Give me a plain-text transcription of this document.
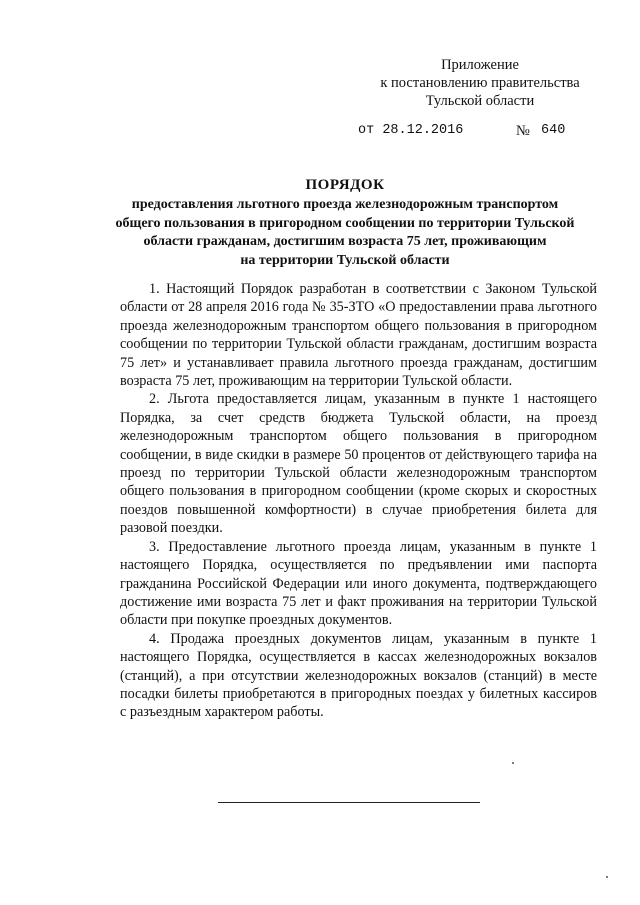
Приложение
к постановлению правительства
Тульской области
от 28.12.2016	№ 640
ПОРЯДОК
предоставления льготного проезда железнодорожным транспортом
общего пользования в пригородном сообщении по территории Тульской
области гражданам, достигшим возраста 75 лет, проживающим
на территории Тульской области

1. Настоящий Порядок разработан в соответствии с Законом Тульской области от 28 апреля 2016 года № 35-ЗТО «О предоставлении права льготного проезда железнодорожным транспортом общего пользования в пригородном сообщении по территории Тульской области гражданам, достигшим возраста 75 лет» и устанавливает правила льготного проезда гражданам, достигшим возраста 75 лет, проживающим на территории Тульской области.

2. Льгота предоставляется лицам, указанным в пункте 1 настоящего Порядка, за счет средств бюджета Тульской области, на проезд железнодорожным транспортом общего пользования в пригородном сообщении, в виде скидки в размере 50 процентов от действующего тарифа на проезд по территории Тульской области железнодорожным транспортом общего пользования в пригородном сообщении (кроме скорых и скоростных поездов повышенной комфортности) в случае приобретения билета для разовой поездки.

3. Предоставление льготного проезда лицам, указанным в пункте 1 настоящего Порядка, осуществляется по предъявлении ими паспорта гражданина Российской Федерации или иного документа, подтверждающего достижение ими возраста 75 лет и факт проживания на территории Тульской области при покупке проездных документов.

4. Продажа проездных документов лицам, указанным в пункте 1 настоящего Порядка, осуществляется в кассах железнодорожных вокзалов (станций), а при отсутствии железнодорожных вокзалов (станций) в месте посадки билеты приобретаются в пригородных поездах у билетных кассиров с разъездным характером работы.
